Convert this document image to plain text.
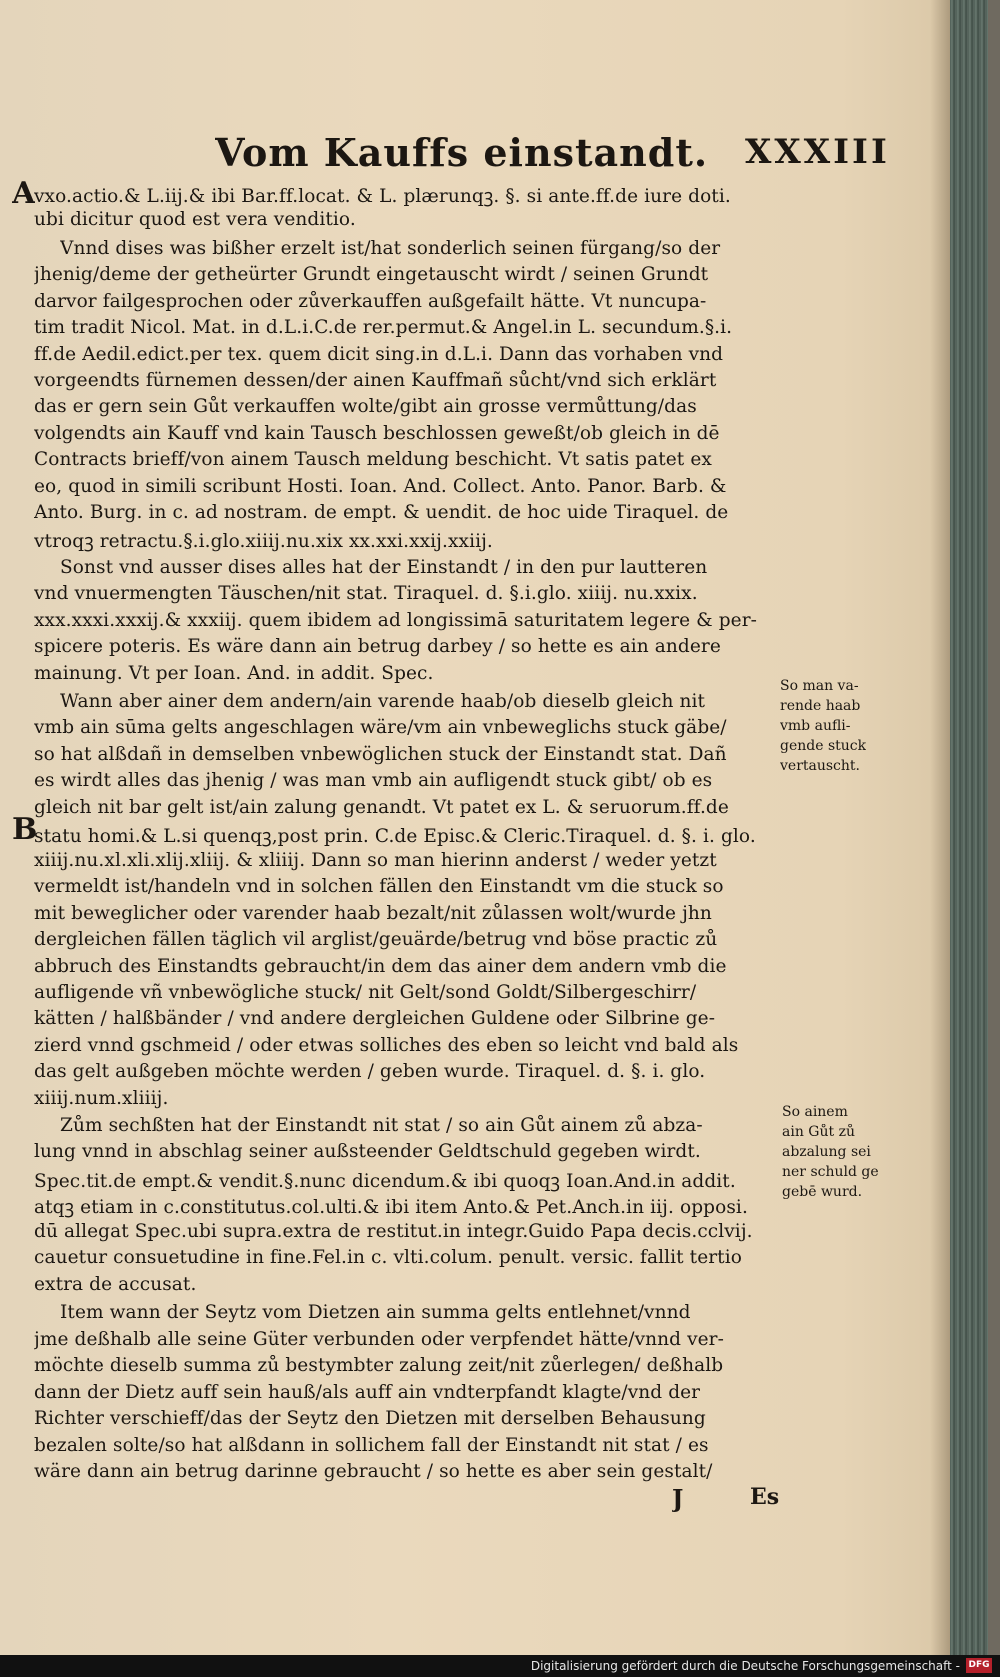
Vom Kauffs einstandt. XXXIII
A
B
vxo.actio.& L.iij.& ibi Bar.ff.locat. & L. plærunqꝫ. §. si ante.ff.de iure doti.
ubi dicitur quod est vera venditio.
Vnnd dises was bißher erzelt ist/hat sonderlich seinen fürgang/so der
jhenig/deme der getheürter Grundt eingetauscht wirdt / seinen Grundt
darvor failgesprochen oder zůverkauffen außgefailt hätte. Vt nuncupa-
tim tradit Nicol. Mat. in d.L.i.C.de rer.permut.& Angel.in L. secundum.§.i.
ff.de Aedil.edict.per tex. quem dicit sing.in d.L.i. Dann das vorhaben vnd
vorgeendts fürnemen dessen/der ainen Kauffmañ sůcht/vnd sich erklärt
das er gern sein Gůt verkauffen wolte/gibt ain grosse vermůttung/das
volgendts ain Kauff vnd kain Tausch beschlossen geweßt/ob gleich in dē
Contracts brieff/von ainem Tausch meldung beschicht. Vt satis patet ex
eo, quod in simili scribunt Hosti. Ioan. And. Collect. Anto. Panor. Barb. &
Anto. Burg. in c. ad nostram. de empt. & uendit. de hoc uide Tiraquel. de
vtroqꝫ retractu.§.i.glo.xiiij.nu.xix xx.xxi.xxij.xxiij.
Sonst vnd ausser dises alles hat der Einstandt / in den pur lautteren
vnd vnuermengten Täuschen/nit stat. Tiraquel. d. §.i.glo. xiiij. nu.xxix.
xxx.xxxi.xxxij.& xxxiij. quem ibidem ad longissimā saturitatem legere & per-
spicere poteris. Es wäre dann ain betrug darbey / so hette es ain andere
mainung. Vt per Ioan. And. in addit. Spec.
Wann aber ainer dem andern/ain varende haab/ob dieselb gleich nit
vmb ain sūma gelts angeschlagen wäre/vm ain vnbeweglichs stuck gäbe/
so hat alßdañ in demselben vnbewöglichen stuck der Einstandt stat. Dañ
es wirdt alles das jhenig / was man vmb ain aufligendt stuck gibt/ ob es
gleich nit bar gelt ist/ain zalung genandt. Vt patet ex L. & seruorum.ff.de
statu homi.& L.si quenqꝫ,post prin. C.de Episc.& Cleric.Tiraquel. d. §. i. glo.
xiiij.nu.xl.xli.xlij.xliij. & xliiij. Dann so man hierinn anderst / weder yetzt
vermeldt ist/handeln vnd in solchen fällen den Einstandt vm die stuck so
mit beweglicher oder varender haab bezalt/nit zůlassen wolt/wurde jhn
dergleichen fällen täglich vil arglist/geuärde/betrug vnd böse practic zů
abbruch des Einstandts gebraucht/in dem das ainer dem andern vmb die
aufligende vñ vnbewögliche stuck/ nit Gelt/sond Goldt/Silbergeschirr/
kätten / halßbänder / vnd andere dergleichen Guldene oder Silbrine ge-
zierd vnnd gschmeid / oder etwas solliches des eben so leicht vnd bald als
das gelt außgeben möchte werden / geben wurde. Tiraquel. d. §. i. glo.
xiiij.num.xliiij.
Zům sechßten hat der Einstandt nit stat / so ain Gůt ainem zů abza-
lung vnnd in abschlag seiner außsteender Geldtschuld gegeben wirdt.
Spec.tit.de empt.& vendit.§.nunc dicendum.& ibi quoqꝫ Ioan.And.in addit.
atqꝫ etiam in c.constitutus.col.ulti.& ibi item Anto.& Pet.Anch.in iij. opposi.
dū allegat Spec.ubi supra.extra de restitut.in integr.Guido Papa decis.cclvij.
cauetur consuetudine in fine.Fel.in c. vlti.colum. penult. versic. fallit tertio
extra de accusat.
Item wann der Seytz vom Dietzen ain summa gelts entlehnet/vnnd
jme deßhalb alle seine Güter verbunden oder verpfendet hätte/vnnd ver-
möchte dieselb summa zů bestymbter zalung zeit/nit zůerlegen/ deßhalb
dann der Dietz auff sein hauß/als auff ain vndterpfandt klagte/vnd der
Richter verschieff/das der Seytz den Dietzen mit derselben Behausung
bezalen solte/so hat alßdann in sollichem fall der Einstandt nit stat / es
wäre dann ain betrug darinne gebraucht / so hette es aber sein gestalt/
So man va-
rende haab
vmb aufli-
gende stuck
vertauscht.
So ainem
ain Gůt zů
abzalung sei
ner schuld ge
gebē wurd.
J	Es
Digitalisierung gefördert durch die Deutsche Forschungsgemeinschaft - DFG
